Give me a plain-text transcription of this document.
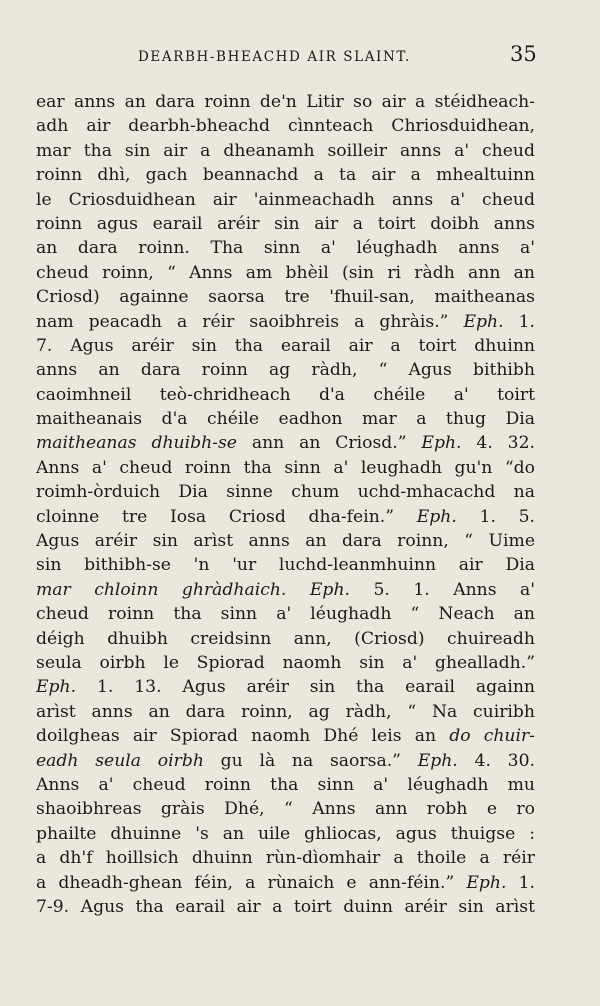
DEARBH-BHEACHD AIR SLAINT.	35
ear anns an dara roinn de'n Litir so air a stéidheach-
adh air dearbh-bheachd cìnnteach Chriosduidhean,
mar tha sin air a dheanamh soilleir anns a' cheud
roinn dhì, gach beannachd a ta air a mhealtuinn
le Criosduidhean air 'ainmeachadh anns a' cheud
roinn agus earail aréir sin air a toirt doibh anns
an dara roinn. Tha sinn a' léughadh anns a'
cheud roinn, “ Anns am bhèil (sin ri ràdh ann an
Criosd) againne saorsa tre 'fhuil-san, maitheanas
nam peacadh a réir saoibhreis a ghràis.” Eph. 1.
7. Agus aréir sin tha earail air a toirt dhuinn
anns an dara roinn ag ràdh, “ Agus bithibh
caoimhneil teò-chridheach d'a chéile a' toirt
maitheanais d'a chéile eadhon mar a thug Dia
maitheanas dhuibh-se ann an Criosd.” Eph. 4. 32.
Anns a' cheud roinn tha sinn a' leughadh gu'n “do
roimh-òrduich Dia sinne chum uchd-mhacachd na
cloinne tre Iosa Criosd dha-fein.” Eph. 1. 5.
Agus aréir sin arìst anns an dara roinn, “ Uime
sin bithibh-se 'n 'ur luchd-leanmhuinn air Dia
mar chloinn ghràdhaich. Eph. 5. 1. Anns a'
cheud roinn tha sinn a' léughadh “ Neach an
déigh dhuibh creidsinn ann, (Criosd) chuireadh
seula oirbh le Spiorad naomh sin a' ghealladh.”
Eph. 1. 13. Agus aréir sin tha earail againn
arìst anns an dara roinn, ag ràdh, “ Na cuiribh
doilgheas air Spiorad naomh Dhé leis an do chuir-
eadh seula oirbh gu là na saorsa.” Eph. 4. 30.
Anns a' cheud roinn tha sinn a' léughadh mu
shaoibhreas gràis Dhé, “ Anns ann robh e ro
phailte dhuinne 's an uile ghliocas, agus thuigse :
a dh'f hoillsich dhuinn rùn-dìomhair a thoile a réir
a dheadh-ghean féin, a rùnaich e ann-féin.” Eph. 1.
7-9. Agus tha earail air a toirt duinn aréir sin arìst
